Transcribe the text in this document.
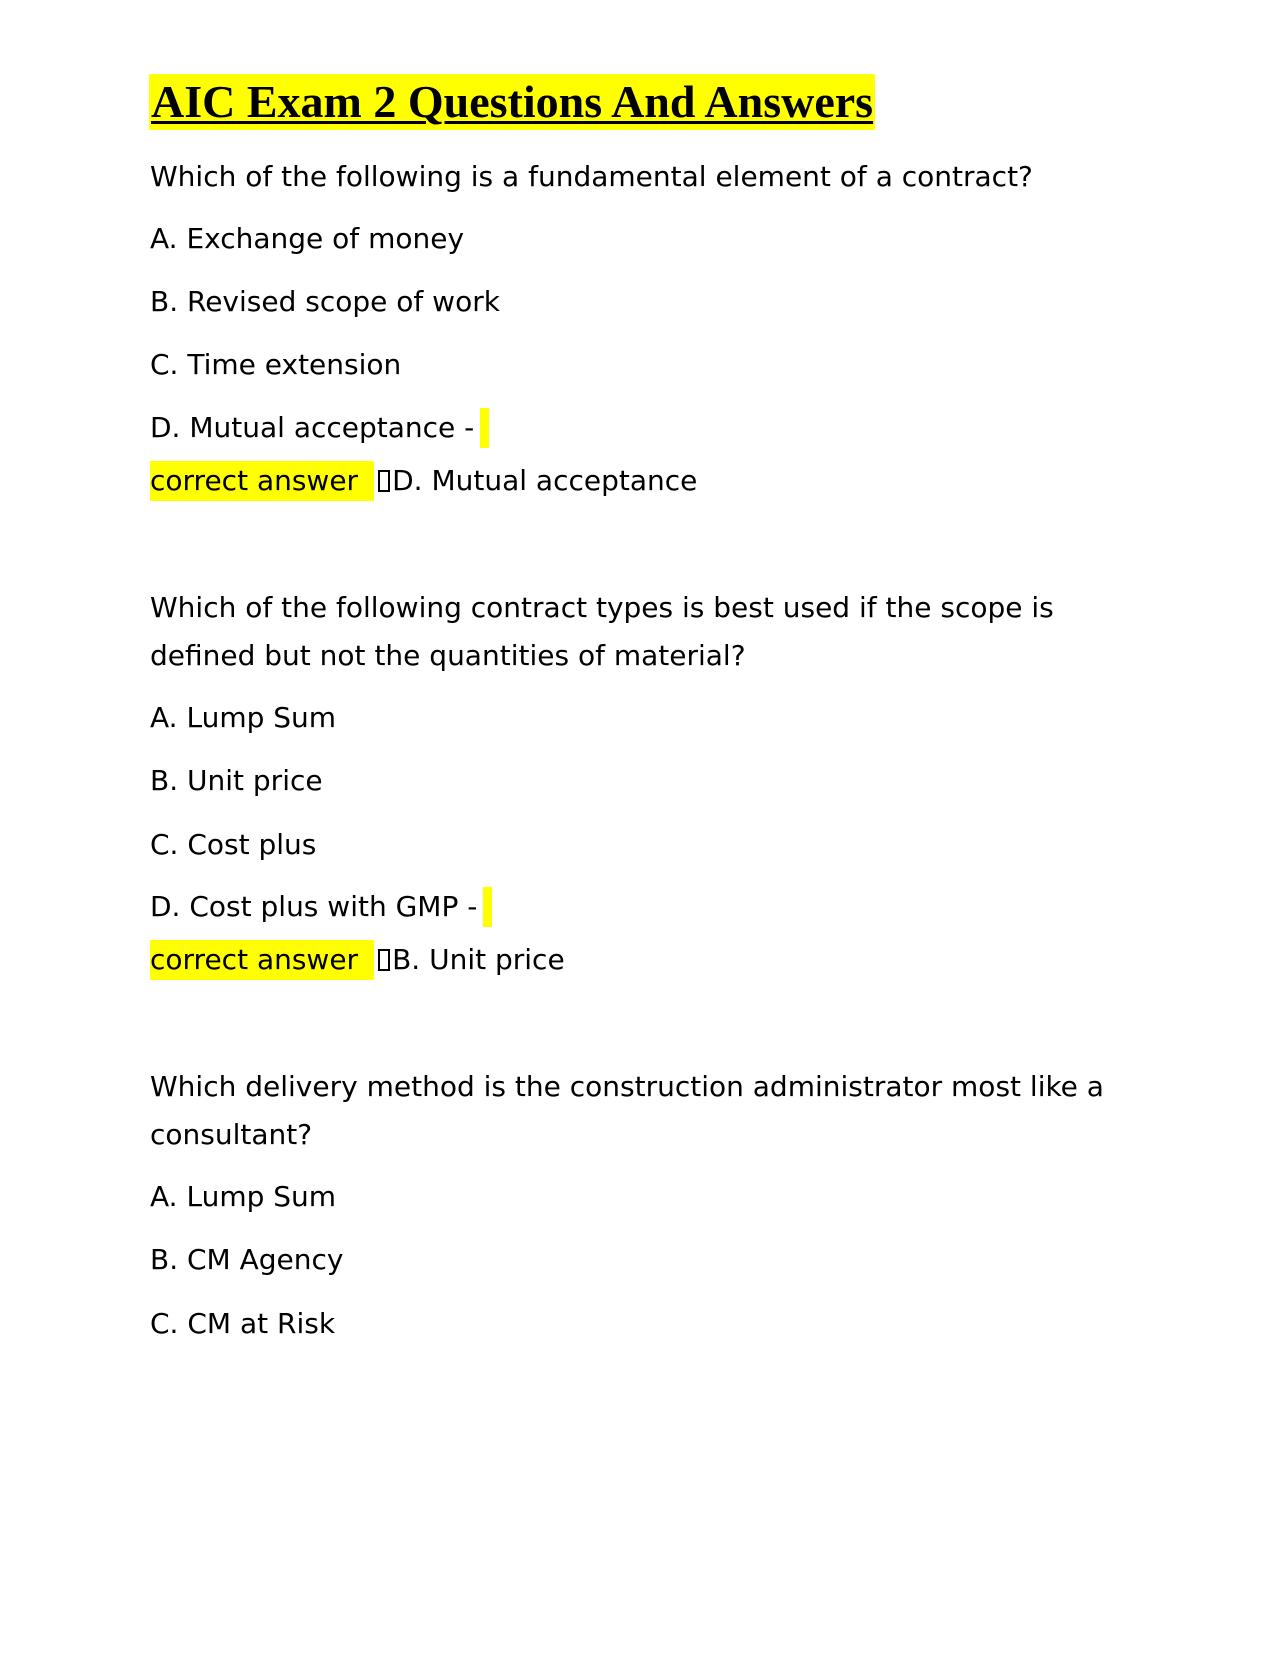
AIC Exam 2 Questions And Answers

Which of the following is a fundamental element of a contract?

A. Exchange of money

B. Revised scope of work

C. Time extension

D. Mutual acceptance -

correct answer D. Mutual acceptance

Which of the following contract types is best used if the scope is

defined but not the quantities of material?

A. Lump Sum

B. Unit price

C. Cost plus

D. Cost plus with GMP -

correct answer B. Unit price

Which delivery method is the construction administrator most like a

consultant?

A. Lump Sum

B. CM Agency

C. CM at Risk
